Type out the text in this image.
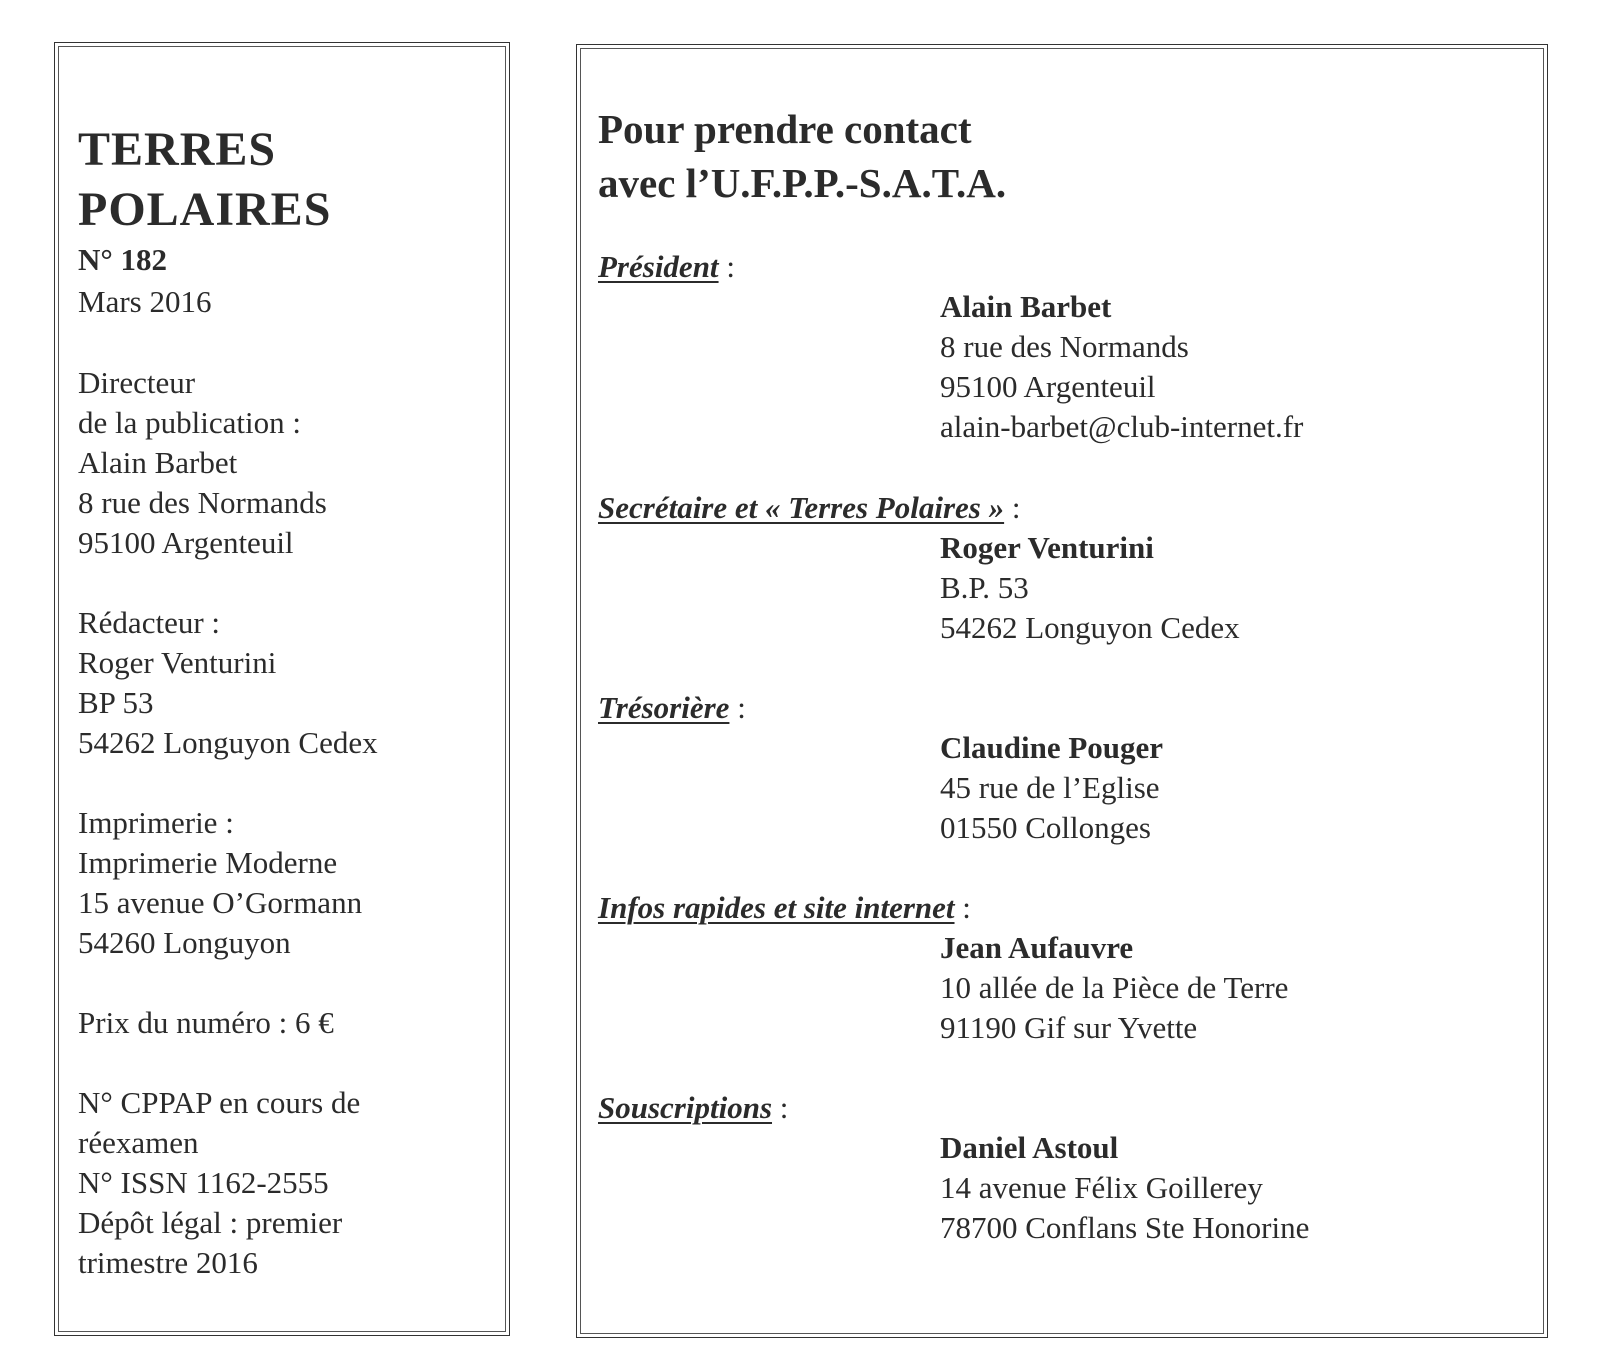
TERRES
POLAIRES
N° 182
Mars 2016
Directeur
de la publication :
Alain Barbet
8 rue des Normands
95100 Argenteuil
Rédacteur :
Roger Venturini
BP 53
54262 Longuyon Cedex
Imprimerie :
Imprimerie Moderne
15 avenue O’Gormann
54260 Longuyon
Prix du numéro : 6 €
N° CPPAP en cours de
réexamen
N° ISSN 1162-2555
Dépôt légal : premier
trimestre 2016
Pour prendre contact
avec l’U.F.P.P.-S.A.T.A.
Président :
Alain Barbet
8 rue des Normands
95100 Argenteuil
alain-barbet@club-internet.fr
Secrétaire et « Terres Polaires » :
Roger Venturini
B.P. 53
54262 Longuyon Cedex
Trésorière :
Claudine Pouger
45 rue de l’Eglise
01550 Collonges
Infos rapides et site internet :
Jean Aufauvre
10 allée de la Pièce de Terre
91190 Gif sur Yvette
Souscriptions :
Daniel Astoul
14 avenue Félix Goillerey
78700 Conflans Ste Honorine
